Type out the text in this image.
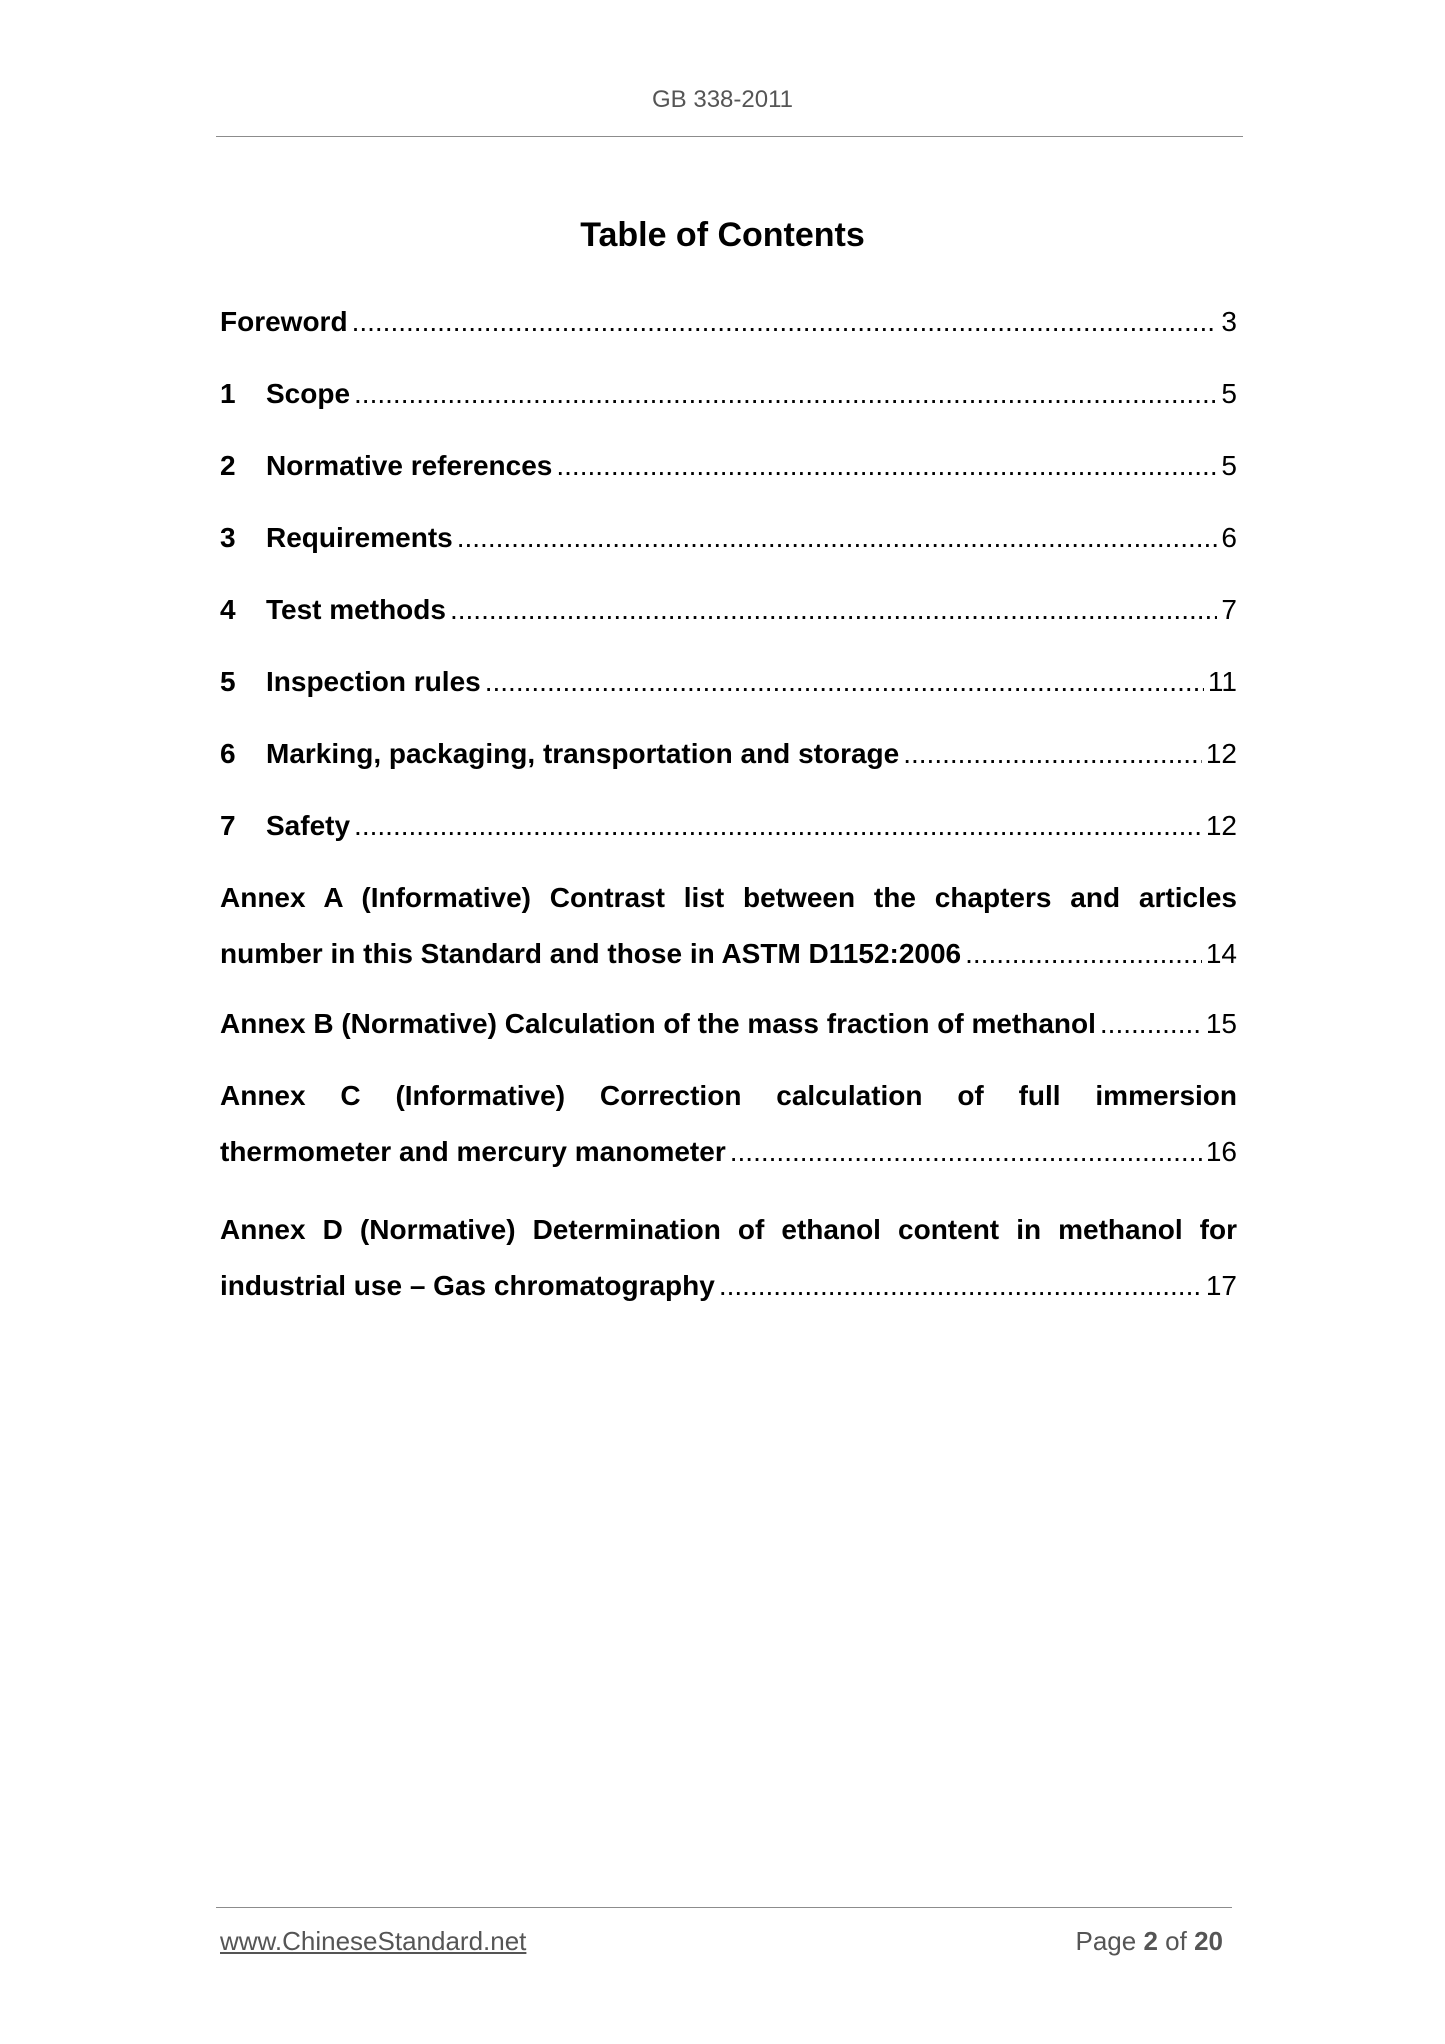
GB 338-2011
Table of Contents
Foreword .....	3
1	Scope .....	5
2	Normative references .....	5
3	Requirements .....	6
4	Test methods .....	7
5	Inspection rules .....	11
6	Marking, packaging, transportation and storage .....	12
7	Safety .....	12
Annex A (Informative) Contrast list between the chapters and articles
number in this Standard and those in ASTM D1152:2006 .....	14
Annex B (Normative) Calculation of the mass fraction of methanol .....	15
Annex C (Informative) Correction calculation of full immersion
thermometer and mercury manometer .....	16
Annex D (Normative) Determination of ethanol content in methanol for
industrial use – Gas chromatography .....	17
www.ChineseStandard.net	Page 2 of 20
